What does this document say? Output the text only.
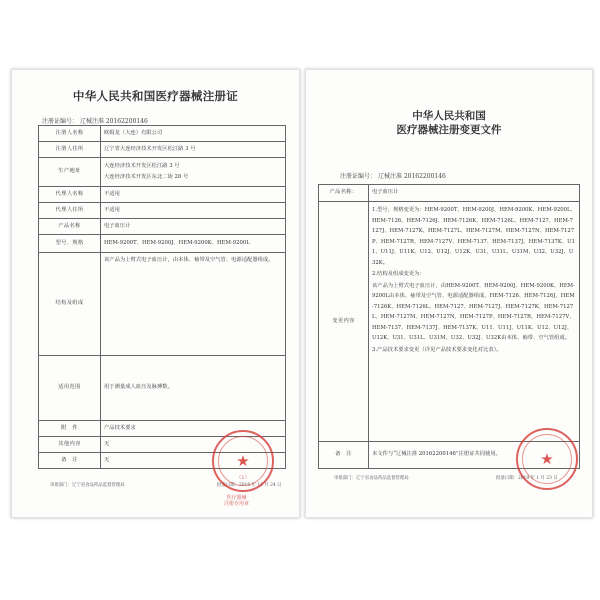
中华人民共和国医疗器械注册证
注册证编号： 辽械注准 20162200146
注册人名称	欧姆龙（大连）有限公司

注册人住所	辽宁省大连经济技术开发区松江路 3 号

生产地址	大连经济技术开发区松江路 3 号
大连经济技术开发区东北二街 28 号

代理人名称	不适用

代理人住所	不适用

产品名称	电子血压计

型号、规格	HEM-9200T、HEM-9200J、HEM-9200K、HEM-9200L

结构及组成	该产品为上臂式电子血压计，由本体、袖带及空气管、电源适配器组成。

适用范围	用于测量成人血压及脉搏数。

附　件	产品技术要求

其他内容	无

备　注	无
审批部门：辽宁省食品药品监督管理局	批准日期：2016 年 11 月 24 日
★
（1）
医疗器械
注册专用章
中华人民共和国
医疗器械注册变更文件
注册证编号： 辽械注准 20162200146
产品名称：	电子血压计
变更内容	1.型号、规格变更为：HEM-9200T、HEM-9200J、HEM-9200K、HEM-9200L、HEM-7126、HEM-7126J、HEM-7126K、HEM-7126L、HEM-7127、HEM-7127J、HEM-7127K、HEM-7127L、HEM-7127M、HEM-7127N、HEM-7127P、HEM-7127R、HEM-7127V、HEM-7137、HEM-7137J、HEM-7137K、U11、U11J、U11K、U12、U12J、U12K、U31、U31L、U31M、U32、U32J、U32K。
2.结构及组成变更为：
该产品为上臂式电子血压计，由HEM-9200T、HEM-9200J、HEM-9200K、HEM-9200L由本体、袖带及空气管、电源适配器组成，HEM-7126、HEM-7126J、HEM-7126K、HEM-7126L、HEM-7127、HEM-7127J、HEM-7127K、HEM-7127L、HEM-7127M、HEM-7127N、HEM-7127P、HEM-7127R、HEM-7127V、HEM-7137、HEM-7137J、HEM-7137K、U11、U11J、U11K、U12、U12J、U12K、U31、U31L、U31M、U32、U32J、U32K由本体、袖带、空气管组成。
3.产品技术要求变更（详见产品技术要求变化对比表）。

备　注	本文件与“辽械注准 20162200146”注册证共同使用。
审批部门：辽宁省食品药品监督管理局	批准日期：2019 年 1 月 23 日
★
